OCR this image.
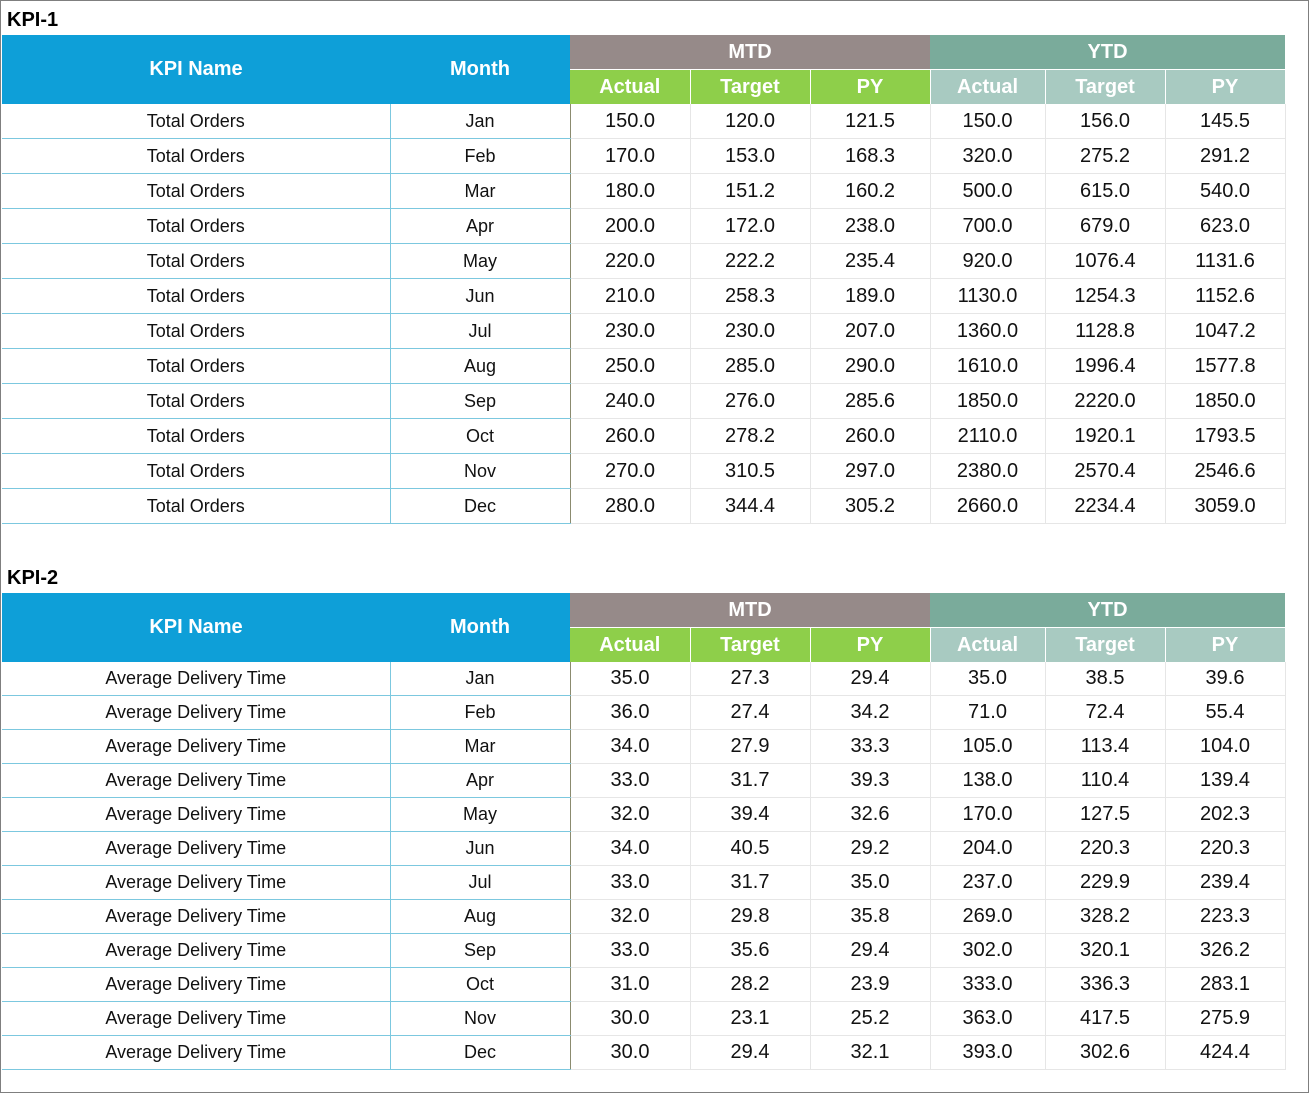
KPI-1
KPI Name	Month	MTD			YTD		
		Actual	Target	PY	Actual	Target	PY
Total Orders	Jan	150.0	120.0	121.5	150.0	156.0	145.5
Total Orders	Feb	170.0	153.0	168.3	320.0	275.2	291.2
Total Orders	Mar	180.0	151.2	160.2	500.0	615.0	540.0
Total Orders	Apr	200.0	172.0	238.0	700.0	679.0	623.0
Total Orders	May	220.0	222.2	235.4	920.0	1076.4	1131.6
Total Orders	Jun	210.0	258.3	189.0	1130.0	1254.3	1152.6
Total Orders	Jul	230.0	230.0	207.0	1360.0	1128.8	1047.2
Total Orders	Aug	250.0	285.0	290.0	1610.0	1996.4	1577.8
Total Orders	Sep	240.0	276.0	285.6	1850.0	2220.0	1850.0
Total Orders	Oct	260.0	278.2	260.0	2110.0	1920.1	1793.5
Total Orders	Nov	270.0	310.5	297.0	2380.0	2570.4	2546.6
Total Orders	Dec	280.0	344.4	305.2	2660.0	2234.4	3059.0
KPI-2
KPI Name	Month	MTD			YTD		
		Actual	Target	PY	Actual	Target	PY
Average Delivery Time	Jan	35.0	27.3	29.4	35.0	38.5	39.6
Average Delivery Time	Feb	36.0	27.4	34.2	71.0	72.4	55.4
Average Delivery Time	Mar	34.0	27.9	33.3	105.0	113.4	104.0
Average Delivery Time	Apr	33.0	31.7	39.3	138.0	110.4	139.4
Average Delivery Time	May	32.0	39.4	32.6	170.0	127.5	202.3
Average Delivery Time	Jun	34.0	40.5	29.2	204.0	220.3	220.3
Average Delivery Time	Jul	33.0	31.7	35.0	237.0	229.9	239.4
Average Delivery Time	Aug	32.0	29.8	35.8	269.0	328.2	223.3
Average Delivery Time	Sep	33.0	35.6	29.4	302.0	320.1	326.2
Average Delivery Time	Oct	31.0	28.2	23.9	333.0	336.3	283.1
Average Delivery Time	Nov	30.0	23.1	25.2	363.0	417.5	275.9
Average Delivery Time	Dec	30.0	29.4	32.1	393.0	302.6	424.4
